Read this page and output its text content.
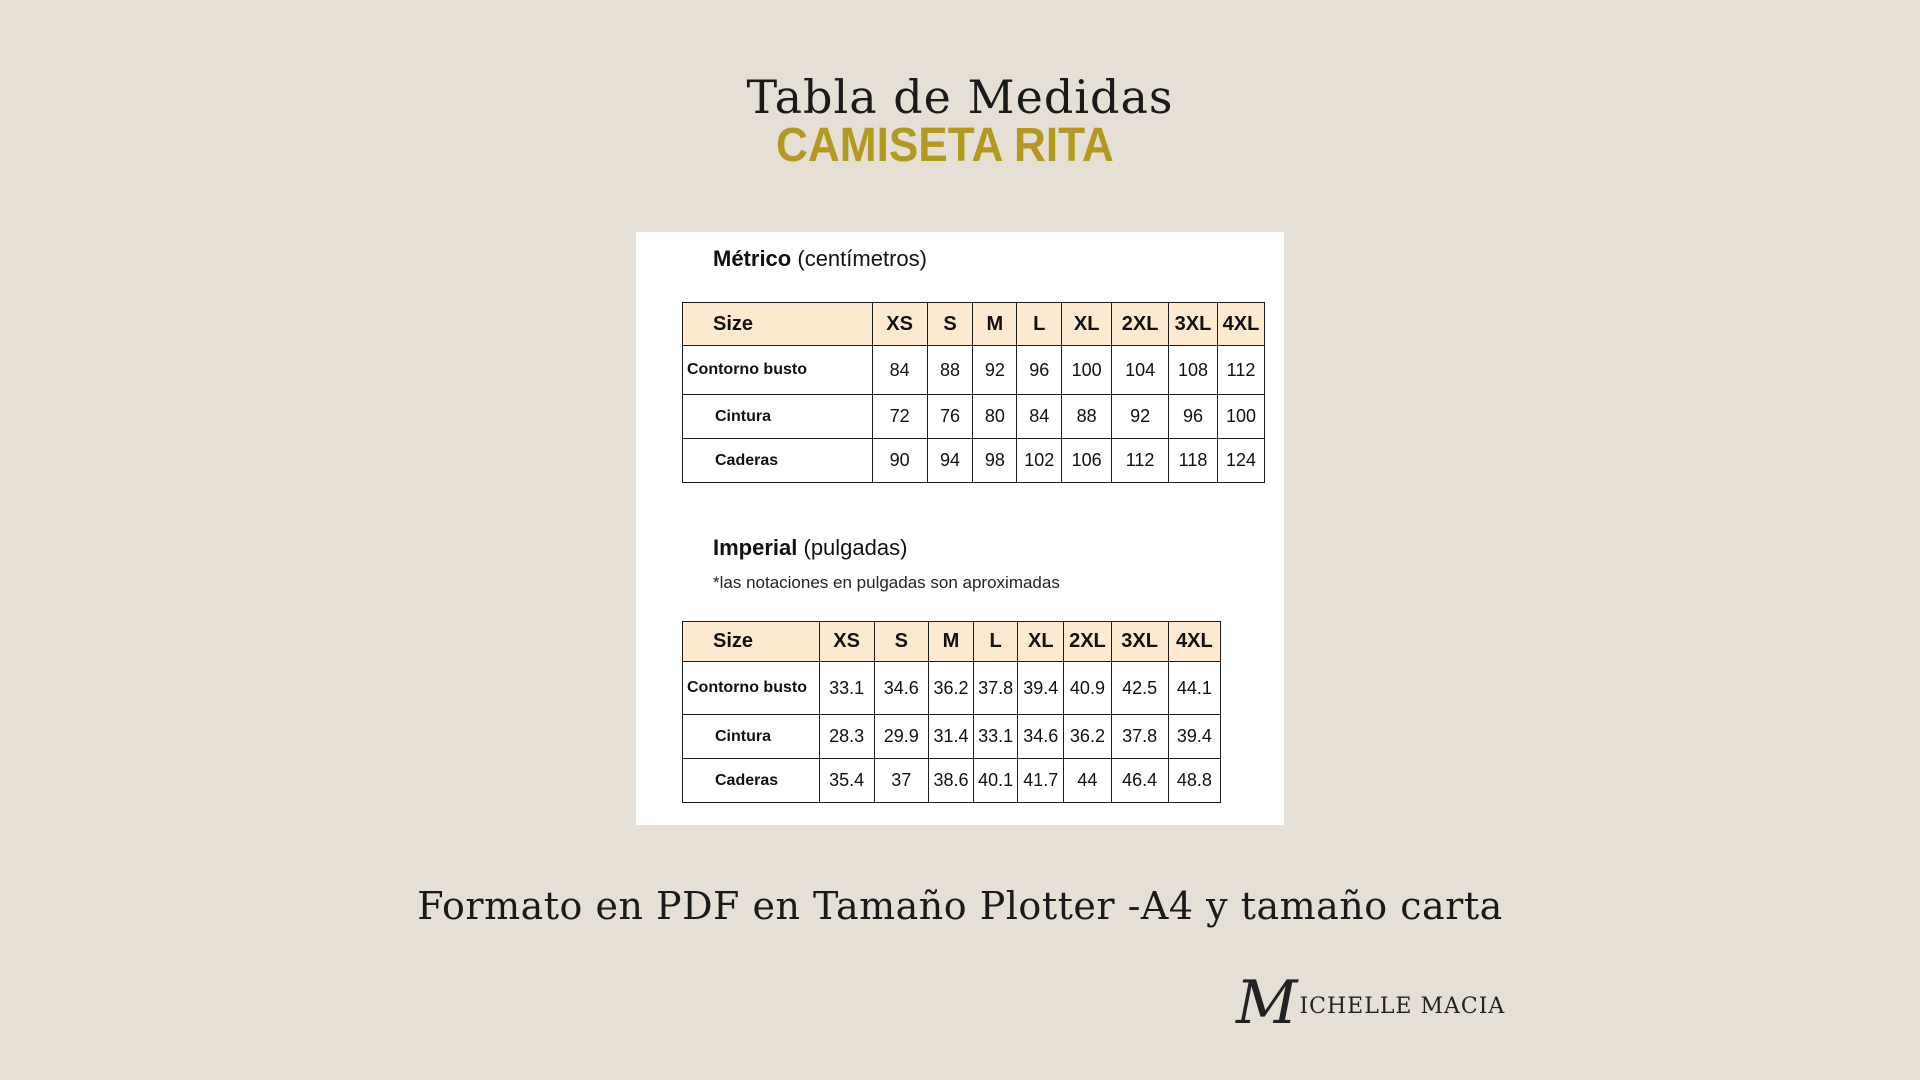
Tabla de Medidas
CAMISETA RITA
Métrico (centímetros)
Size	XS	S	M	L	XL	2XL	3XL	4XL
Contorno busto	84	88	92	96	100	104	108	112
Cintura	72	76	80	84	88	92	96	100
Caderas	90	94	98	102	106	112	118	124
Imperial (pulgadas)
*las notaciones en pulgadas son aproximadas
Size	XS	S	M	L	XL	2XL	3XL	4XL
Contorno busto	33.1	34.6	36.2	37.8	39.4	40.9	42.5	44.1
Cintura	28.3	29.9	31.4	33.1	34.6	36.2	37.8	39.4
Caderas	35.4	37	38.6	40.1	41.7	44	46.4	48.8
Formato en PDF en Tamaño Plotter -A4 y tamaño carta
M ICHELLE MACIA
